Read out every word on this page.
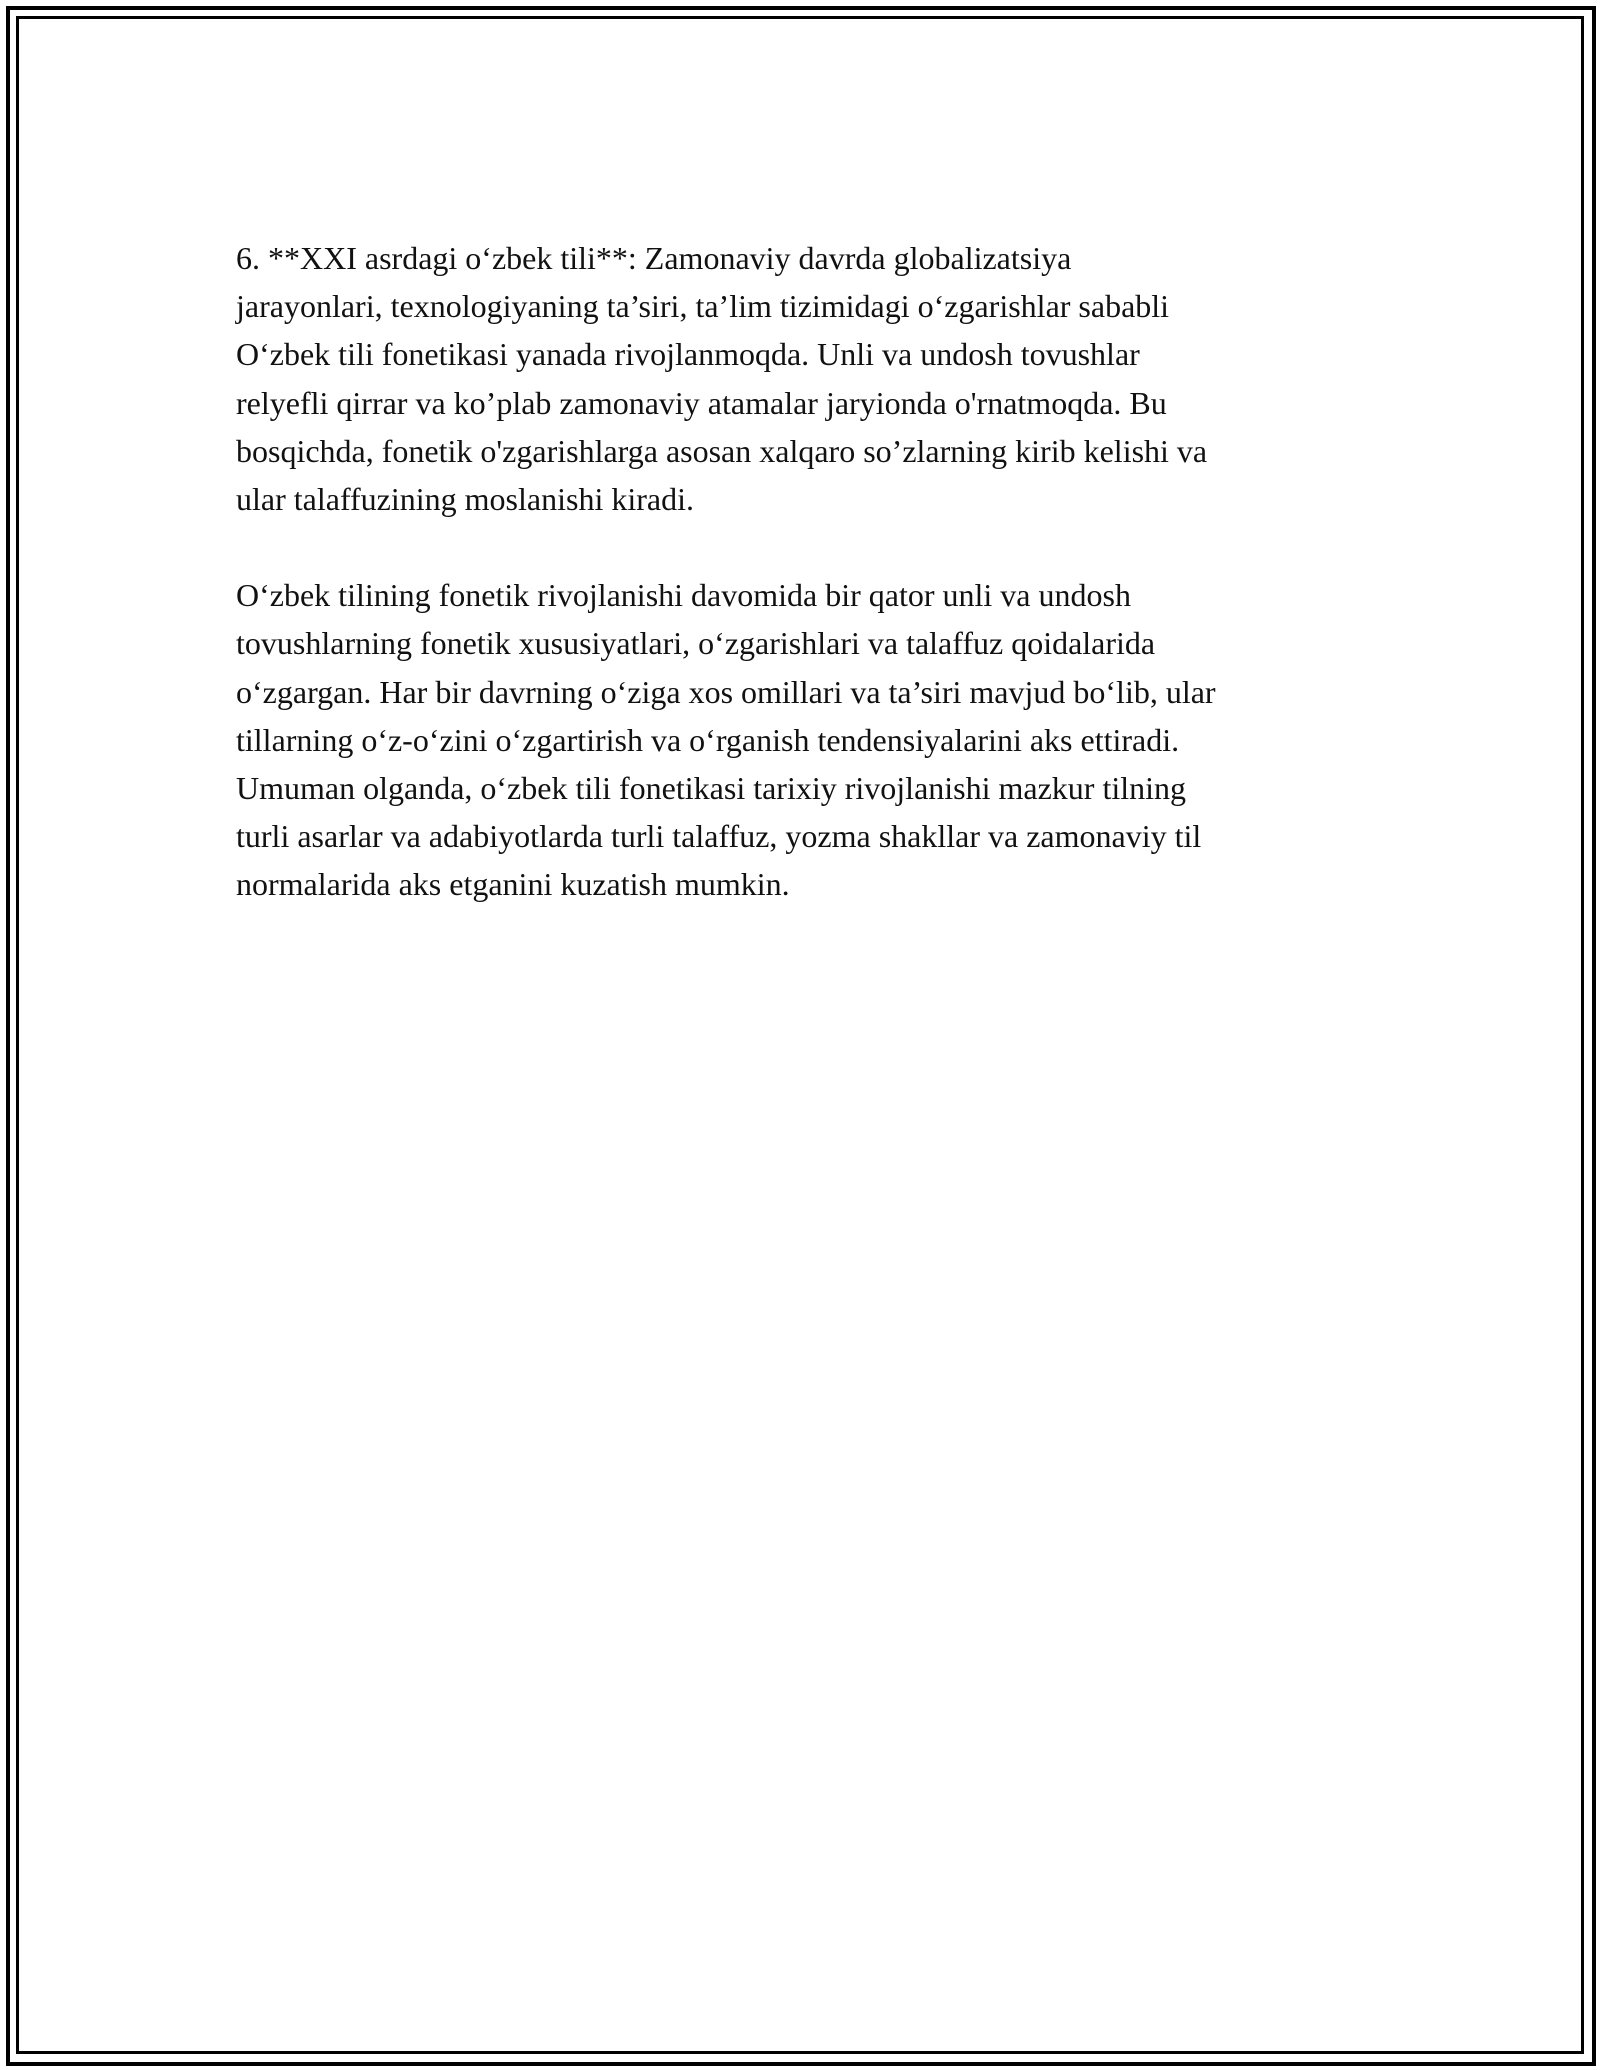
6. **XXI asrdagi o‘zbek tili**: Zamonaviy davrda globalizatsiya
jarayonlari, texnologiyaning ta’siri, ta’lim tizimidagi o‘zgarishlar sababli
O‘zbek tili fonetikasi yanada rivojlanmoqda. Unli va undosh tovushlar
relyefli qirrar va ko’plab zamonaviy atamalar jaryionda o'rnatmoqda. Bu
bosqichda, fonetik o'zgarishlarga asosan xalqaro so’zlarning kirib kelishi va
ular talaffuzining moslanishi kiradi.

O‘zbek tilining fonetik rivojlanishi davomida bir qator unli va undosh
tovushlarning fonetik xususiyatlari, o‘zgarishlari va talaffuz qoidalarida
o‘zgargan. Har bir davrning o‘ziga xos omillari va ta’siri mavjud bo‘lib, ular
tillarning o‘z-o‘zini o‘zgartirish va o‘rganish tendensiyalarini aks ettiradi.
Umuman olganda, o‘zbek tili fonetikasi tarixiy rivojlanishi mazkur tilning
turli asarlar va adabiyotlarda turli talaffuz, yozma shakllar va zamonaviy til
normalarida aks etganini kuzatish mumkin.
